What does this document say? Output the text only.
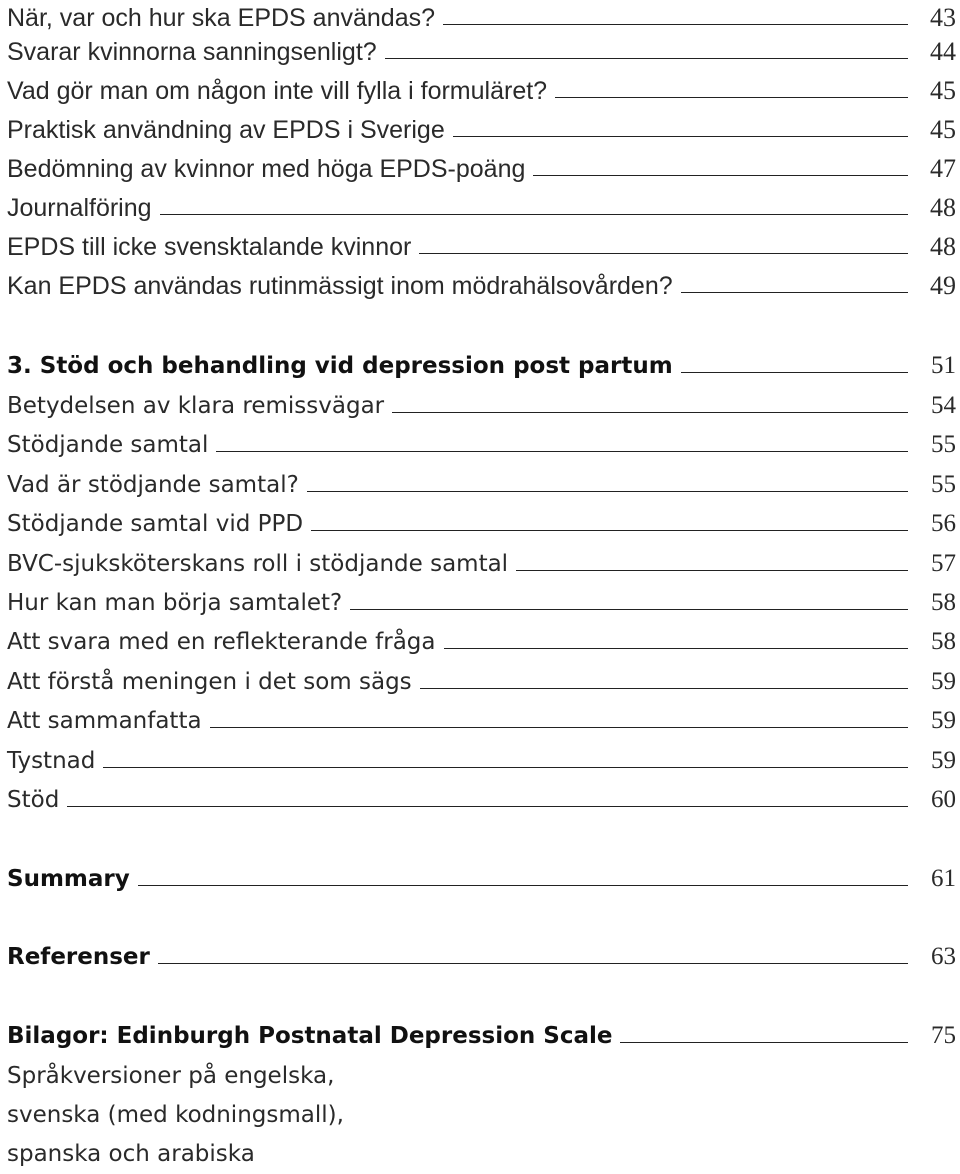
När, var och hur ska EPDS användas?	43
Svarar kvinnorna sanningsenligt?	44
Vad gör man om någon inte vill fylla i formuläret?	45
Praktisk användning av EPDS i Sverige	45
Bedömning av kvinnor med höga EPDS-poäng	47
Journalföring	48
EPDS till icke svensktalande kvinnor	48
Kan EPDS användas rutinmässigt inom mödrahälsovården?	49
3. Stöd och behandling vid depression post partum	51
Betydelsen av klara remissvägar	54
Stödjande samtal	55
Vad är stödjande samtal?	55
Stödjande samtal vid PPD	56
BVC-sjuksköterskans roll i stödjande samtal	57
Hur kan man börja samtalet?	58
Att svara med en reflekterande fråga	58
Att förstå meningen i det som sägs	59
Att sammanfatta	59
Tystnad	59
Stöd	60
Summary	61
Referenser	63
Bilagor: Edinburgh Postnatal Depression Scale	75
Språkversioner på engelska,
svenska (med kodningsmall),
spanska och arabiska
